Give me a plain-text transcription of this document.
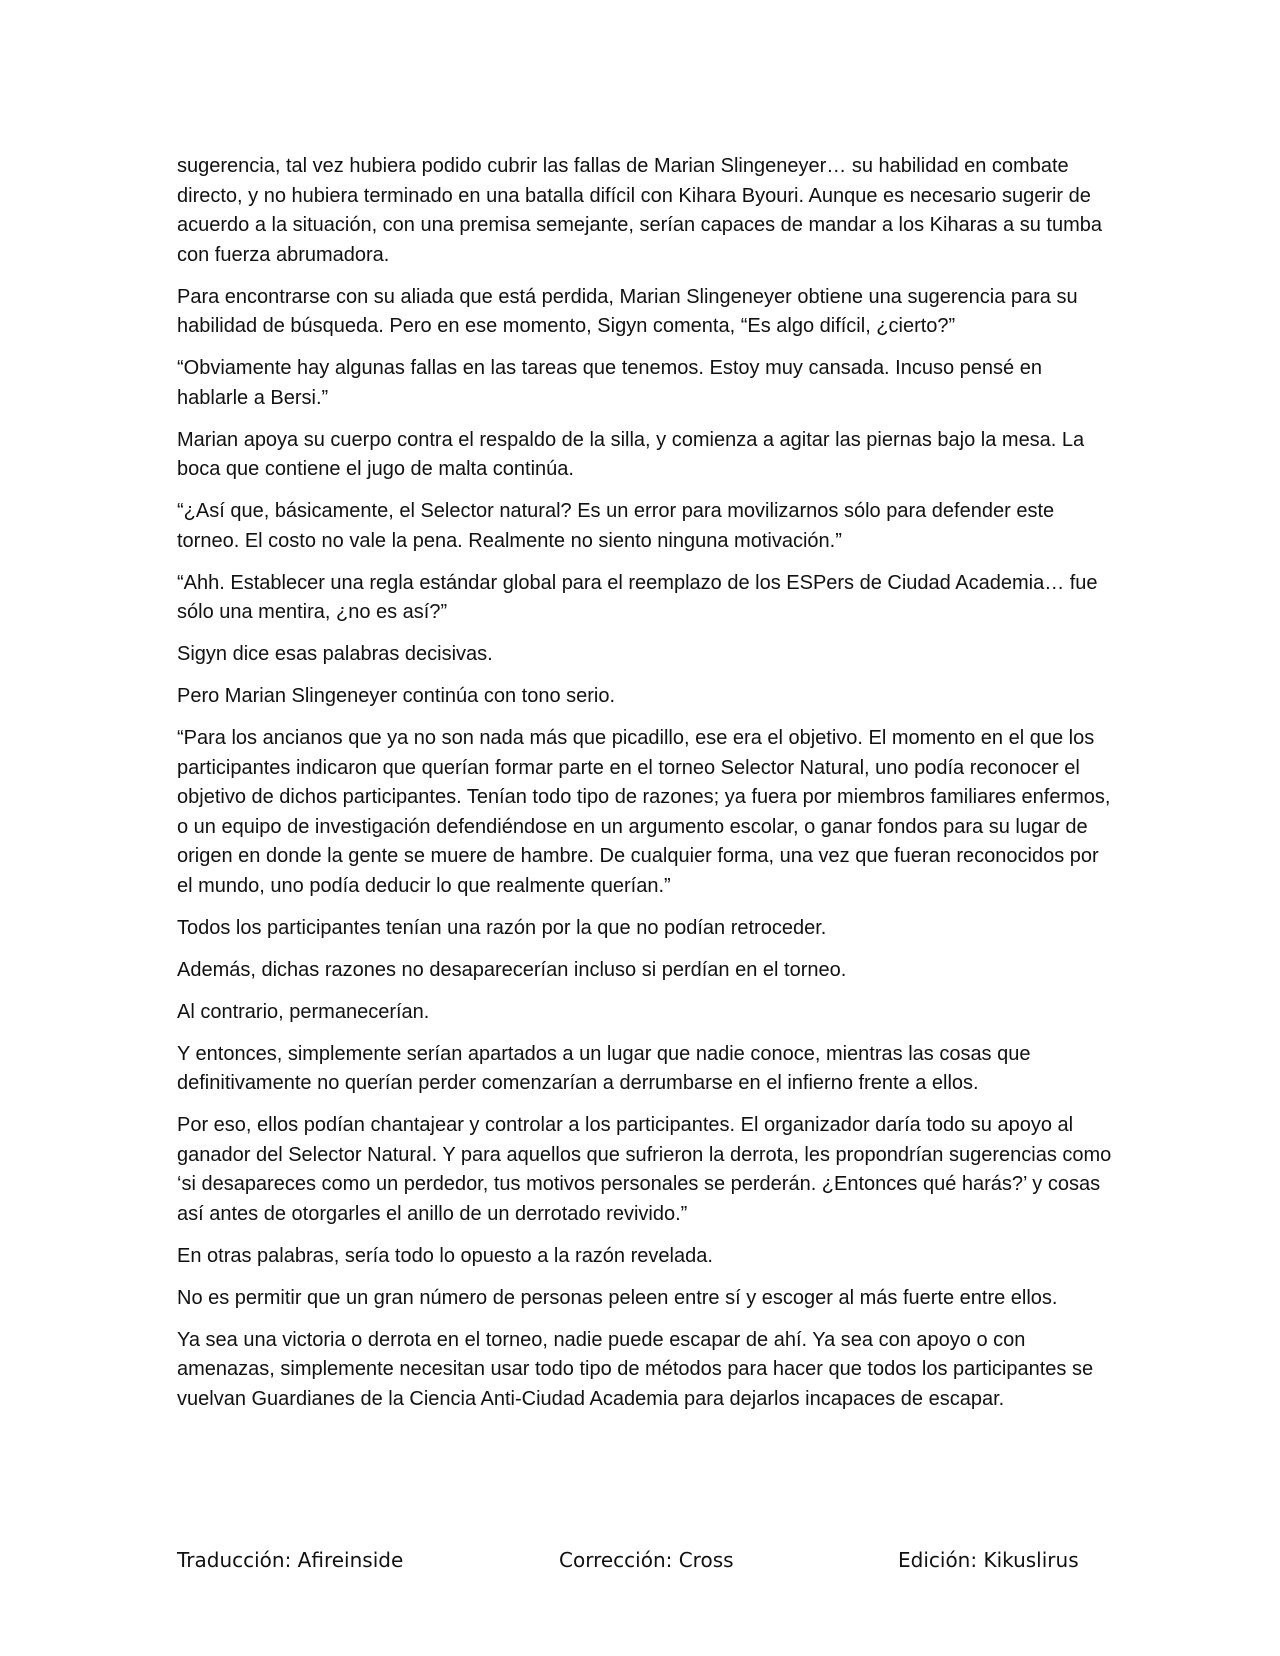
sugerencia, tal vez hubiera podido cubrir las fallas de Marian Slingeneyer… su habilidad en combate directo, y no hubiera terminado en una batalla difícil con Kihara Byouri. Aunque es necesario sugerir de acuerdo a la situación, con una premisa semejante, serían capaces de mandar a los Kiharas a su tumba con fuerza abrumadora.

Para encontrarse con su aliada que está perdida, Marian Slingeneyer obtiene una sugerencia para su habilidad de búsqueda. Pero en ese momento, Sigyn comenta, “Es algo difícil, ¿cierto?”

“Obviamente hay algunas fallas en las tareas que tenemos. Estoy muy cansada. Incuso pensé en hablarle a Bersi.”

Marian apoya su cuerpo contra el respaldo de la silla, y comienza a agitar las piernas bajo la mesa. La boca que contiene el jugo de malta continúa.

“¿Así que, básicamente, el Selector natural? Es un error para movilizarnos sólo para defender este torneo. El costo no vale la pena. Realmente no siento ninguna motivación.”

“Ahh. Establecer una regla estándar global para el reemplazo de los ESPers de Ciudad Academia… fue sólo una mentira, ¿no es así?”

Sigyn dice esas palabras decisivas.

Pero Marian Slingeneyer continúa con tono serio.

“Para los ancianos que ya no son nada más que picadillo, ese era el objetivo. El momento en el que los participantes indicaron que querían formar parte en el torneo Selector Natural, uno podía reconocer el objetivo de dichos participantes. Tenían todo tipo de razones; ya fuera por miembros familiares enfermos, o un equipo de investigación defendiéndose en un argumento escolar, o ganar fondos para su lugar de origen en donde la gente se muere de hambre. De cualquier forma, una vez que fueran reconocidos por el mundo, uno podía deducir lo que realmente querían.”

Todos los participantes tenían una razón por la que no podían retroceder.

Además, dichas razones no desaparecerían incluso si perdían en el torneo.

Al contrario, permanecerían.

Y entonces, simplemente serían apartados a un lugar que nadie conoce, mientras las cosas que definitivamente no querían perder comenzarían a derrumbarse en el infierno frente a ellos.

Por eso, ellos podían chantajear y controlar a los participantes. El organizador daría todo su apoyo al ganador del Selector Natural. Y para aquellos que sufrieron la derrota, les propondrían sugerencias como ‘si desapareces como un perdedor, tus motivos personales se perderán. ¿Entonces qué harás?’ y cosas así antes de otorgarles el anillo de un derrotado revivido.”

En otras palabras, sería todo lo opuesto a la razón revelada.

No es permitir que un gran número de personas peleen entre sí y escoger al más fuerte entre ellos.

Ya sea una victoria o derrota en el torneo, nadie puede escapar de ahí. Ya sea con apoyo o con amenazas, simplemente necesitan usar todo tipo de métodos para hacer que todos los participantes se vuelvan Guardianes de la Ciencia Anti-Ciudad Academia para dejarlos incapaces de escapar.

Traducción: Afireinside	Corrección: Cross	Edición: Kikuslirus
